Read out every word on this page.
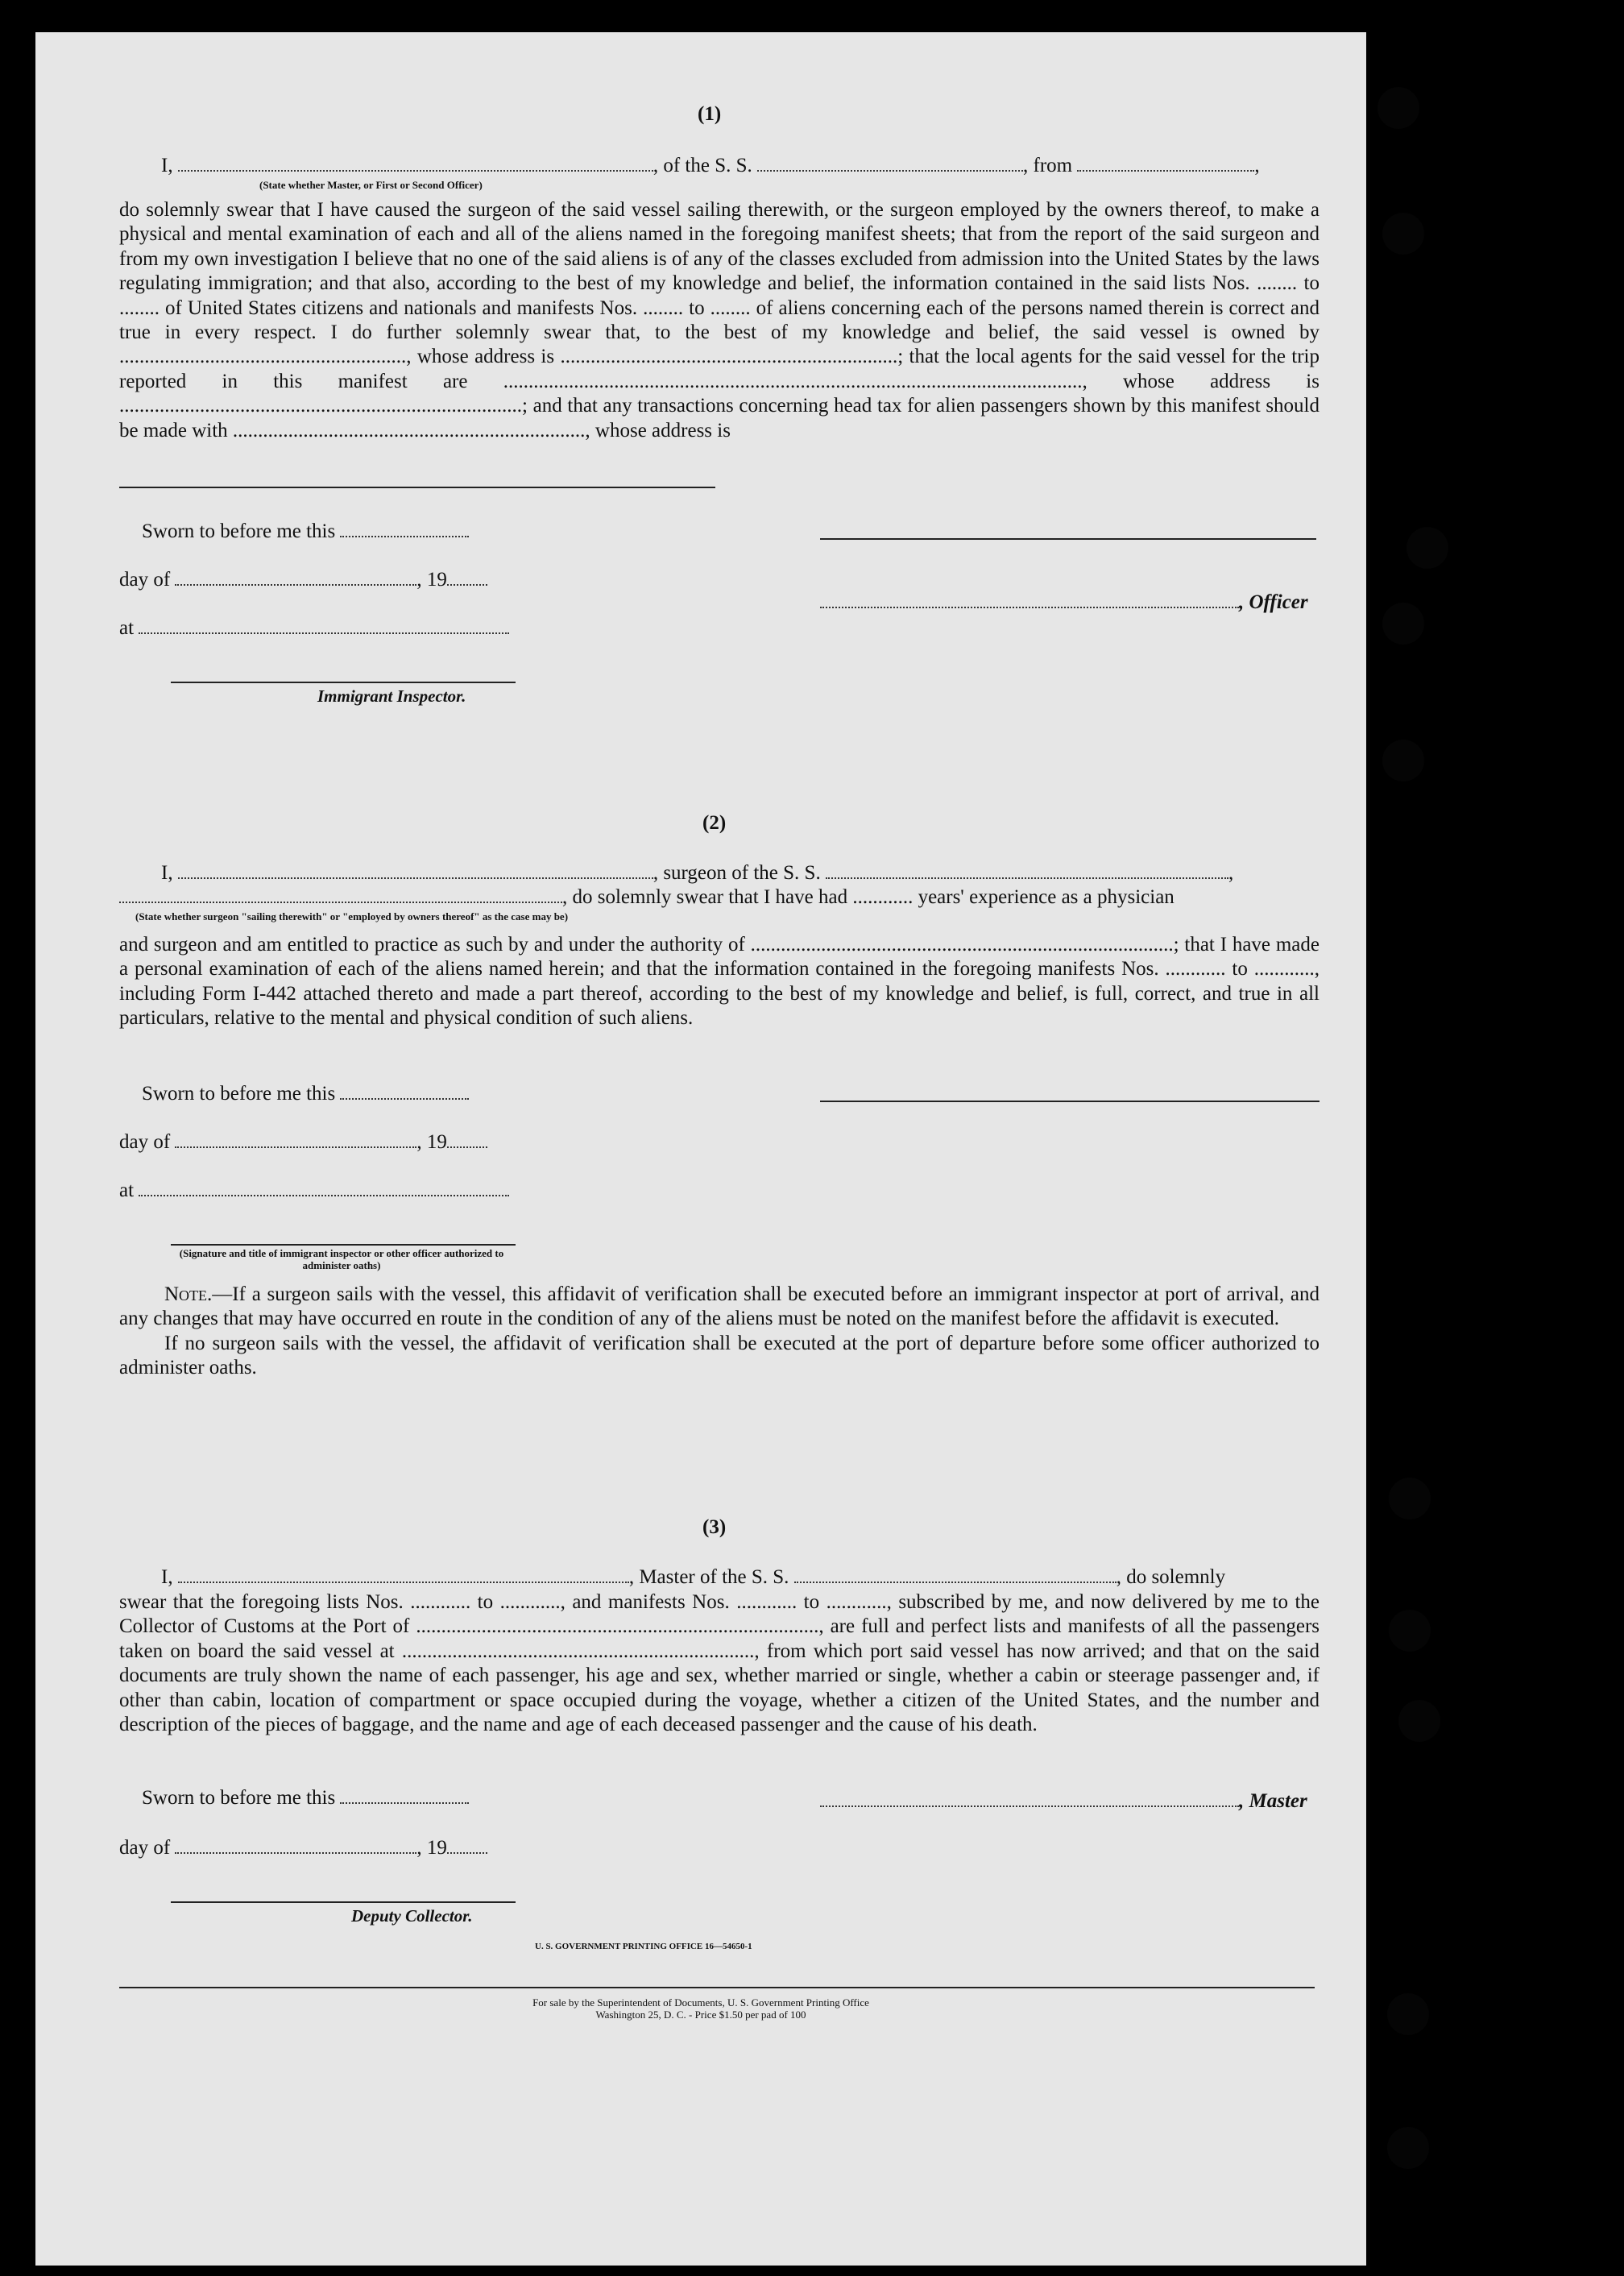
(1)
I,	, of the S. S.	, from	,
(State whether Master, or First or Second Officer)

do solemnly swear that I have caused the surgeon of the said vessel sailing therewith, or the surgeon employed by the owners thereof, to make a physical and mental examination of each and all of the aliens named in the foregoing manifest sheets; that from the report of the said surgeon and from my own investigation I believe that no one of the said aliens is of any of the classes excluded from admission into the United States by the laws regulating immigration; and that also, according to the best of my knowledge and belief, the information contained in the said lists Nos. ........ to ........ of United States citizens and nationals and manifests Nos. ........ to ........ of aliens concerning each of the persons named therein is correct and true in every respect. I do further solemnly swear that, to the best of my knowledge and belief, the said vessel is owned by ........................................................., whose address is ...................................................................; that the local agents for the said vessel for the trip reported in this manifest are ..................................................................................................................., whose address is ................................................................................; and that any transactions concerning head tax for alien passengers shown by this manifest should be made with ......................................................................, whose address is

Sworn to before me this
day of	, 19
at
Immigrant Inspector.
, Officer
(2)
I,	, surgeon of the S. S.	,
, do solemnly swear that I have had ............ years' experience as a physician
(State whether surgeon "sailing therewith" or "employed by owners thereof" as the case may be)

and surgeon and am entitled to practice as such by and under the authority of ....................................................................................; that I have made a personal examination of each of the aliens named herein; and that the information contained in the foregoing manifests Nos. ............ to ............, including Form I-442 attached thereto and made a part thereof, according to the best of my knowledge and belief, is full, correct, and true in all particulars, relative to the mental and physical condition of such aliens.

Sworn to before me this
day of	, 19
at
(Signature and title of immigrant inspector or other officer authorized to administer oaths)

Note.—If a surgeon sails with the vessel, this affidavit of verification shall be executed before an immigrant inspector at port of arrival, and any changes that may have occurred en route in the condition of any of the aliens must be noted on the manifest before the affidavit is executed.

If no surgeon sails with the vessel, the affidavit of verification shall be executed at the port of departure before some officer authorized to administer oaths.

(3)
I,	, Master of the S. S.	, do solemnly

swear that the foregoing lists Nos. ............ to ............, and manifests Nos. ............ to ............, subscribed by me, and now delivered by me to the Collector of Customs at the Port of ................................................................................, are full and perfect lists and manifests of all the passengers taken on board the said vessel at ......................................................................, from which port said vessel has now arrived; and that on the said documents are truly shown the name of each passenger, his age and sex, whether married or single, whether a cabin or steerage passenger and, if other than cabin, location of compartment or space occupied during the voyage, whether a citizen of the United States, and the number and description of the pieces of baggage, and the name and age of each deceased passenger and the cause of his death.

Sworn to before me this	, Master
day of	, 19
Deputy Collector.
U. S. GOVERNMENT PRINTING OFFICE 16—54650-1
For sale by the Superintendent of Documents, U. S. Government Printing Office
Washington 25, D. C. - Price $1.50 per pad of 100
